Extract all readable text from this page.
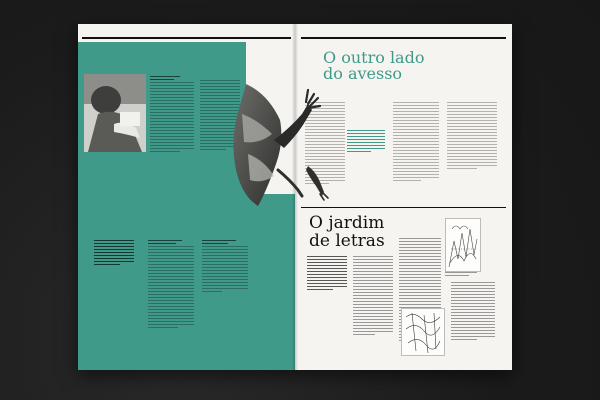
O outro lado
do avesso
O jardim
de letras
